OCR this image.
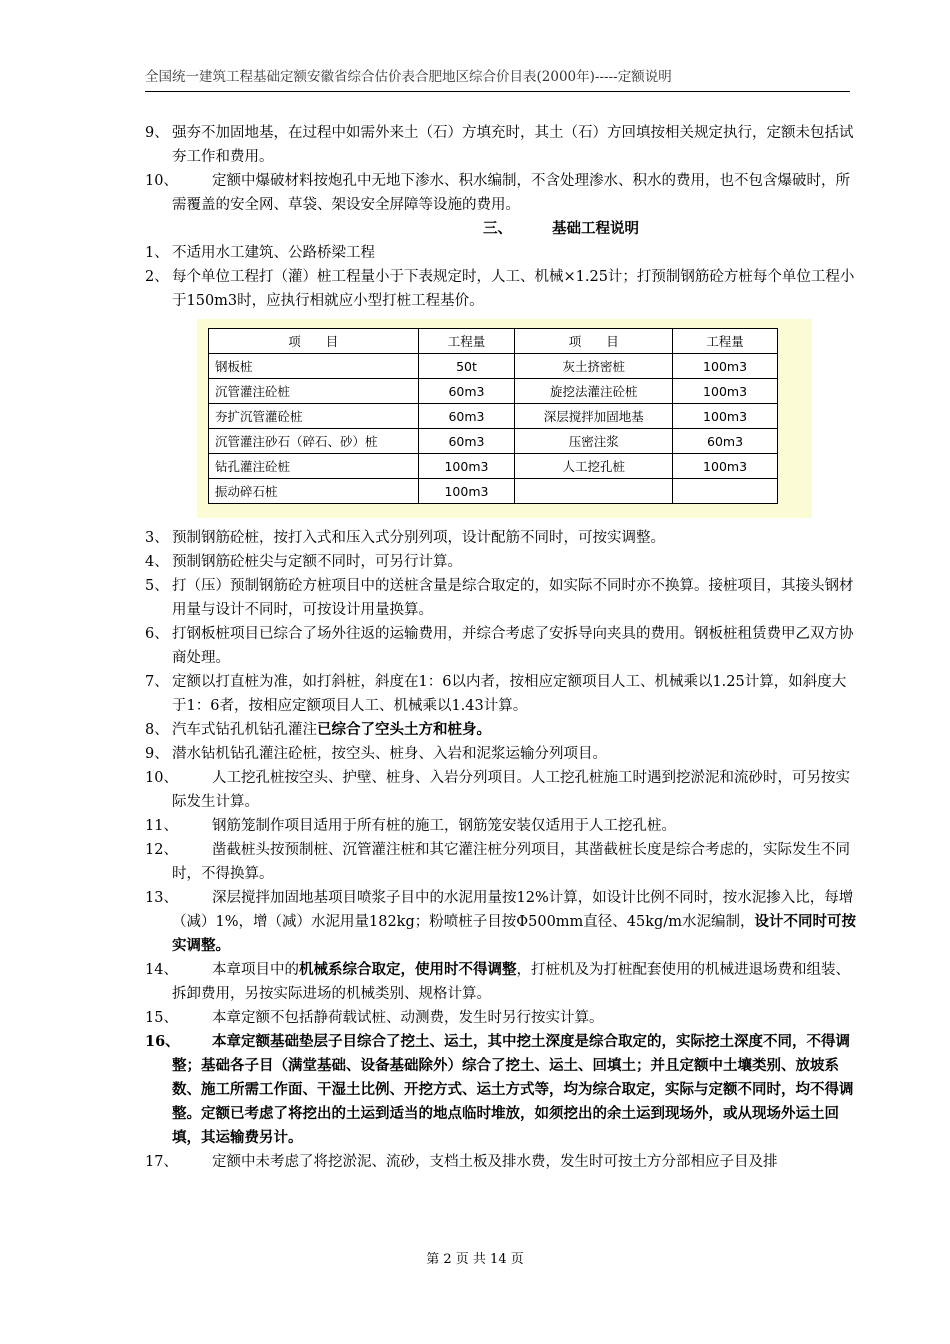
全国统一建筑工程基础定额安徽省综合估价表合肥地区综合价目表(2000年)-----定额说明
9、 强夯不加固地基，在过程中如需外来土（石）方填充时，其土（石）方回填按相关规定执行，定额未包括试夯工作和费用。
10、	定额中爆破材料按炮孔中无地下渗水、积水编制，不含处理渗水、积水的费用，也不包含爆破时，所需覆盖的安全网、草袋、架设安全屏障等设施的费用。
三、	基础工程说明
1、 不适用水工建筑、公路桥梁工程
2、 每个单位工程打（灌）桩工程量小于下表规定时，人工、机械×1.25计；打预制钢筋砼方桩每个单位工程小于150m3时，应执行相就应小型打桩工程基价。
项　　目	工程量	项　　目	工程量
钢板桩	50t	灰土挤密桩	100m3
沉管灌注砼桩	60m3	旋挖法灌注砼桩	100m3
夯扩沉管灌砼桩	60m3	深层搅拌加固地基	100m3
沉管灌注砂石（碎石、砂）桩	60m3	压密注浆	60m3
钻孔灌注砼桩	100m3	人工挖孔桩	100m3
振动碎石桩	100m3		
3、 预制钢筋砼桩，按打入式和压入式分别列项，设计配筋不同时，可按实调整。
4、 预制钢筋砼桩尖与定额不同时，可另行计算。
5、 打（压）预制钢筋砼方桩项目中的送桩含量是综合取定的，如实际不同时亦不换算。接桩项目，其接头钢材用量与设计不同时，可按设计用量换算。
6、 打钢板桩项目已综合了场外往返的运输费用，并综合考虑了安拆导向夹具的费用。钢板桩租赁费甲乙双方协商处理。
7、 定额以打直桩为准，如打斜桩，斜度在1：6以内者，按相应定额项目人工、机械乘以1.25计算，如斜度大于1：6者，按相应定额项目人工、机械乘以1.43计算。
8、 汽车式钻孔机钻孔灌注已综合了空头土方和桩身。
9、 潜水钻机钻孔灌注砼桩，按空头、桩身、入岩和泥浆运输分列项目。
10、	人工挖孔桩按空头、护壁、桩身、入岩分列项目。人工挖孔桩施工时遇到挖淤泥和流砂时，可另按实际发生计算。
11、	钢筋笼制作项目适用于所有桩的施工，钢筋笼安装仅适用于人工挖孔桩。
12、	凿截桩头按预制桩、沉管灌注桩和其它灌注桩分列项目，其凿截桩长度是综合考虑的，实际发生不同时，不得换算。
13、	深层搅拌加固地基项目喷浆子目中的水泥用量按12%计算，如设计比例不同时，按水泥掺入比，每增（减）1%，增（减）水泥用量182kg；粉喷桩子目按Φ500mm直径、45kg/m水泥编制，设计不同时可按实调整。
14、	本章项目中的机械系综合取定，使用时不得调整，打桩机及为打桩配套使用的机械进退场费和组装、拆卸费用，另按实际进场的机械类别、规格计算。
15、	本章定额不包括静荷载试桩、动测费，发生时另行按实计算。
16、	本章定额基础垫层子目综合了挖土、运土，其中挖土深度是综合取定的，实际挖土深度不同，不得调整；基础各子目（满堂基础、设备基础除外）综合了挖土、运土、回填土；并且定额中土壤类别、放坡系数、施工所需工作面、干湿土比例、开挖方式、运土方式等，均为综合取定，实际与定额不同时，均不得调整。定额已考虑了将挖出的土运到适当的地点临时堆放，如须挖出的余土运到现场外，或从现场外运土回填，其运输费另计。
17、	定额中未考虑了将挖淤泥、流砂，支档土板及排水费，发生时可按土方分部相应子目及排
第 2 页 共 14 页
